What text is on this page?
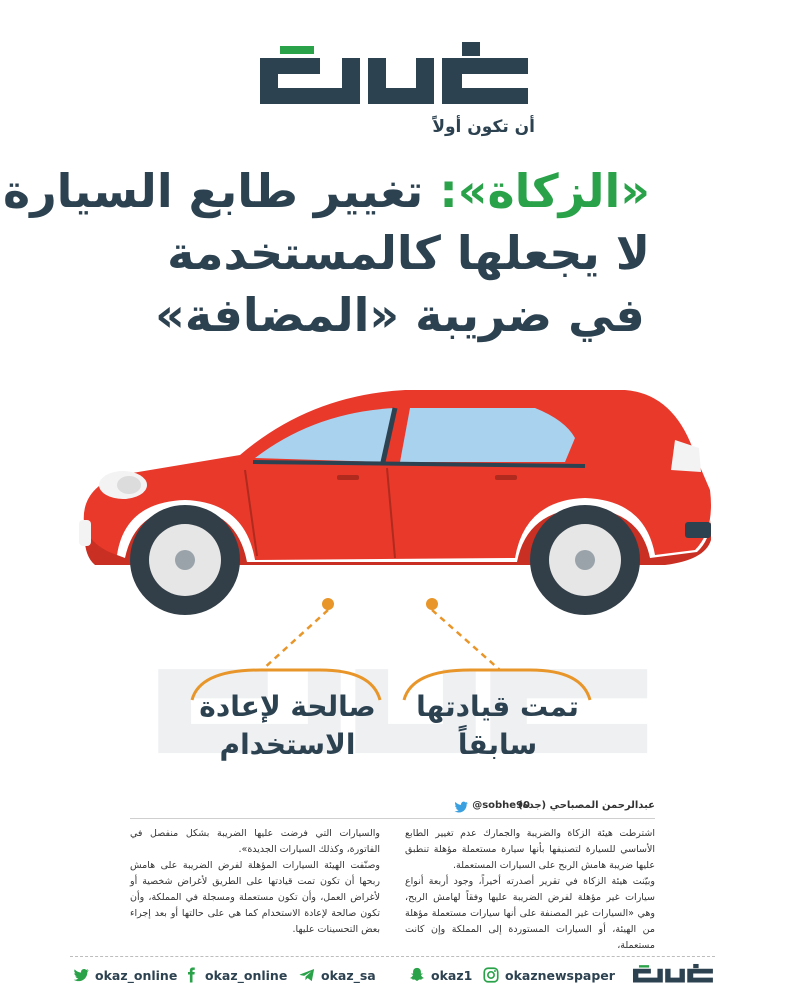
أن تكون أولاً
«الزكاة»: تغيير طابع السيارة
لا يجعلها كالمستخدمة
في ضريبة «المضافة»
تمت قيادتها
سابقاً
صالحة لإعادة
الاستخدام
عبدالرحمن المصباحي (جدة)
@sobhe90

اشترطت هيئة الزكاة والضريبة والجمارك عدم تغيير الطابع الأساسي للسيارة لتصنيفها بأنها سيارة مستعملة مؤهلة تنطبق عليها ضريبة هامش الربح على السيارات المستعملة.

وبيّنت هيئة الزكاة في تقرير أصدرته أخيراً، وجود أربعة أنواع سيارات غير مؤهلة لفرض الضريبة عليها وفقاً لهامش الربح، وهي «السيارات غير المصنفة على أنها سيارات مستعملة مؤهلة من الهيئة، أو السيارات المستوردة إلى المملكة وإن كانت مستعملة،

والسيارات التي فرضت عليها الضريبة بشكل منفصل في الفاتورة، وكذلك السيارات الجديدة».

وصنّفت الهيئة السيارات المؤهلة لفرض الضريبة على هامش ربحها أن تكون تمت قيادتها على الطريق لأغراض شخصية أو لأغراض العمل، وأن تكون مستعملة ومسجلة في المملكة، وأن تكون صالحة لإعادة الاستخدام كما هي على حالتها أو بعد إجراء بعض التحسينات عليها.

okaz_online okaz_online	okaz_sa	okaz1	okaznewspaper
